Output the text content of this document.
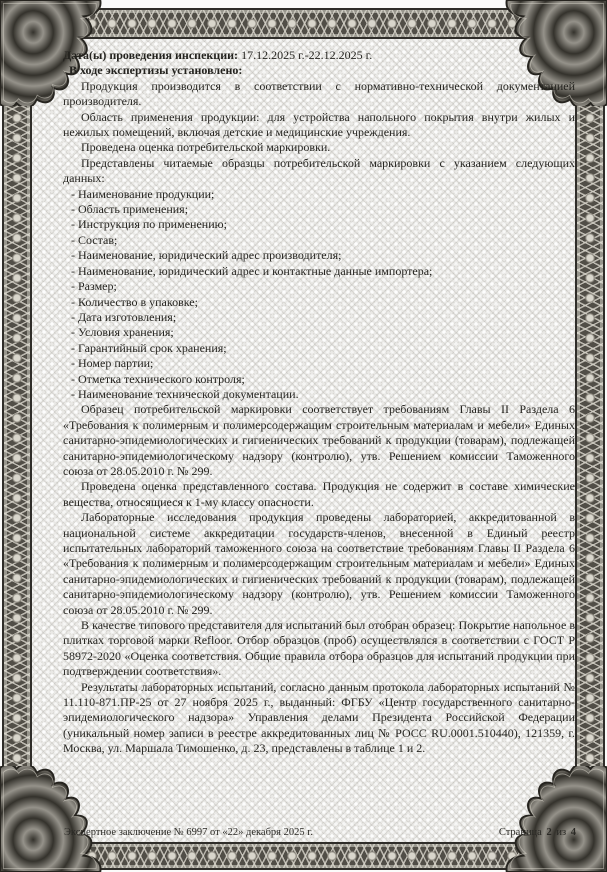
Дата(ы) проведения инспекции: 17.12.2025 г.-22.12.2025 г.

В ходе экспертизы установлено:

Продукция производится в соответствии с нормативно-технической документацией производителя.

Область применения продукции: для устройства напольного покрытия внутри жилых и нежилых помещений, включая детские и медицинские учреждения.

Проведена оценка потребительской маркировки.

Представлены читаемые образцы потребительской маркировки с указанием следующих данных:

- Наименование продукции;
- Область применения;
- Инструкция по применению;
- Состав;
- Наименование, юридический адрес производителя;
- Наименование, юридический адрес и контактные данные импортера;
- Размер;
- Количество в упаковке;
- Дата изготовления;
- Условия хранения;
- Гарантийный срок хранения;
- Номер партии;
- Отметка технического контроля;
- Наименование технической документации.

Образец потребительской маркировки соответствует требованиям Главы II Раздела 6 «Требования к полимерным и полимерсодержащим строительным материалам и мебели» Единых санитарно-эпидемиологических и гигиенических требований к продукции (товарам), подлежащей санитарно-эпидемиологическому надзору (контролю), утв. Решением комиссии Таможенного союза от 28.05.2010 г. № 299.

Проведена оценка представленного состава. Продукция не содержит в составе химические вещества, относящиеся к 1-му классу опасности.

Лабораторные исследования продукция проведены лабораторией, аккредитованной в национальной системе аккредитации государств-членов, внесенной в Единый реестр испытательных лабораторий таможенного союза на соответствие требованиям Главы II Раздела 6 «Требования к полимерным и полимерсодержащим строительным материалам и мебели» Единых санитарно-эпидемиологических и гигиенических требований к продукции (товарам), подлежащей санитарно-эпидемиологическому надзору (контролю), утв. Решением комиссии Таможенного союза от 28.05.2010 г. № 299.

В качестве типового представителя для испытаний был отобран образец: Покрытие напольное в плитках торговой марки Refloor. Отбор образцов (проб) осуществлялся в соответствии с ГОСТ Р 58972-2020 «Оценка соответствия. Общие правила отбора образцов для испытаний продукции при подтверждении соответствия».

Результаты лабораторных испытаний, согласно данным протокола лабораторных испытаний № 11.110-871.ПР-25 от 27 ноября 2025 г., выданный: ФГБУ «Центр государственного санитарно-эпидемиологического надзора» Управления делами Президента Российской Федерации (уникальный номер записи в реестре аккредитованных лиц № РОСС RU.0001.510440), 121359, г. Москва, ул. Маршала Тимошенко, д. 23, представлены в таблице 1 и 2.

Экспертное заключение № 6997 от «22» декабря 2025 г.	Страница 2 из 4
